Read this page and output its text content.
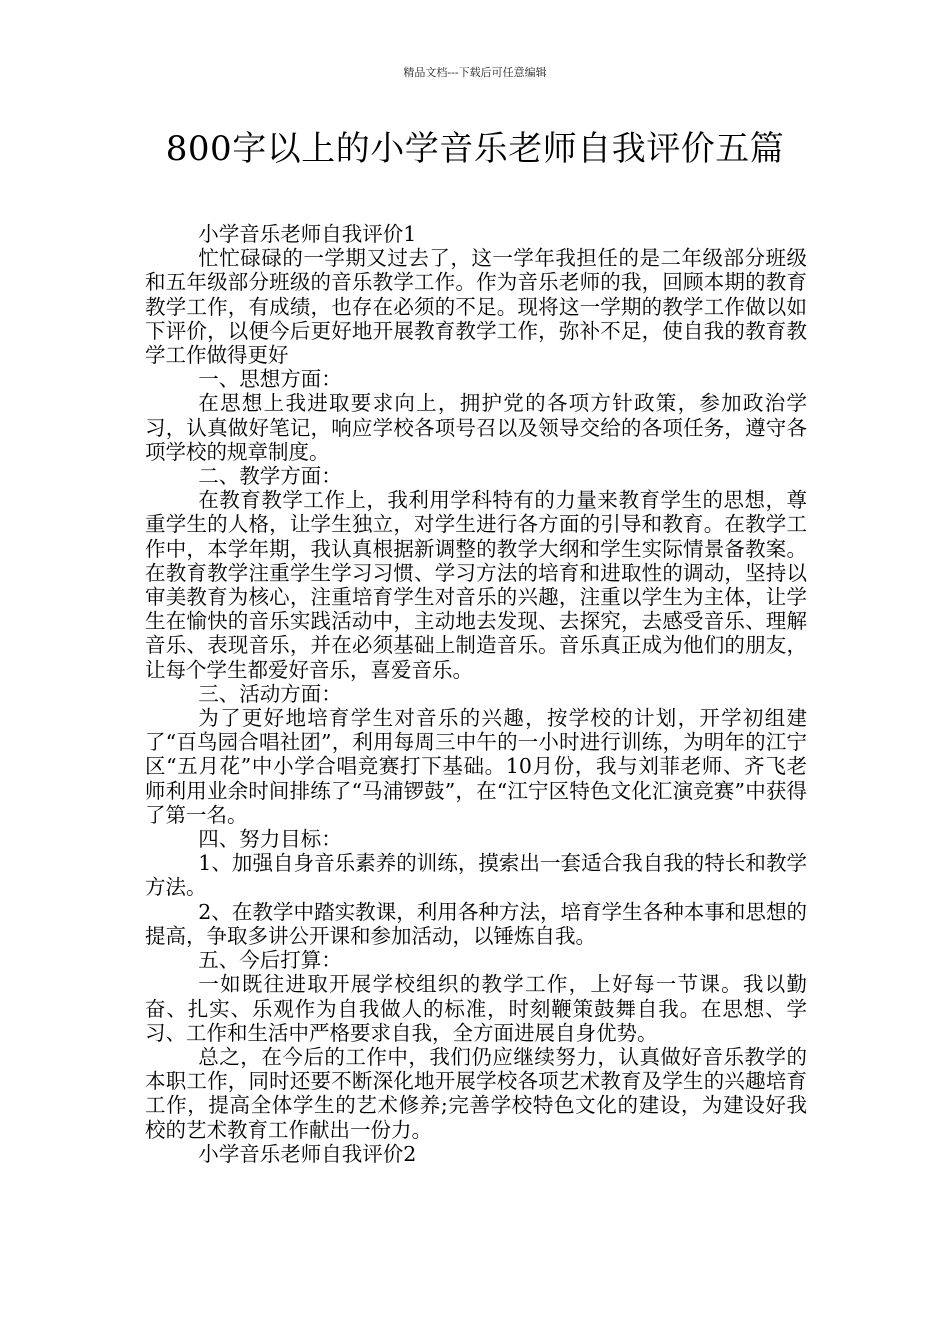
精品文档---下载后可任意编辑
800字以上的小学音乐老师自我评价五篇

小学音乐老师自我评价1

忙忙碌碌的一学期又过去了，这一学年我担任的是二年级部分班级和五年级部分班级的音乐教学工作。作为音乐老师的我，回顾本期的教育教学工作，有成绩，也存在必须的不足。现将这一学期的教学工作做以如下评价，以便今后更好地开展教育教学工作，弥补不足，使自我的教育教学工作做得更好

一、思想方面：

在思想上我进取要求向上，拥护党的各项方针政策，参加政治学习，认真做好笔记，响应学校各项号召以及领导交给的各项任务，遵守各项学校的规章制度。

二、教学方面：

在教育教学工作上，我利用学科特有的力量来教育学生的思想，尊重学生的人格，让学生独立，对学生进行各方面的引导和教育。在教学工作中，本学年期，我认真根据新调整的教学大纲和学生实际情景备教案。在教育教学注重学生学习习惯、学习方法的培育和进取性的调动，坚持以审美教育为核心，注重培育学生对音乐的兴趣，注重以学生为主体，让学生在愉快的音乐实践活动中，主动地去发现、去探究，去感受音乐、理解音乐、表现音乐，并在必须基础上制造音乐。音乐真正成为他们的朋友，让每个学生都爱好音乐，喜爱音乐。

三、活动方面：

为了更好地培育学生对音乐的兴趣，按学校的计划，开学初组建了“百鸟园合唱社团”，利用每周三中午的一小时进行训练，为明年的江宁区“五月花”中小学合唱竞赛打下基础。10月份，我与刘菲老师、齐飞老师利用业余时间排练了“马浦锣鼓”，在“江宁区特色文化汇演竞赛”中获得了第一名。

四、努力目标：

1、加强自身音乐素养的训练，摸索出一套适合我自我的特长和教学方法。

2、在教学中踏实教课，利用各种方法，培育学生各种本事和思想的提高，争取多讲公开课和参加活动，以锤炼自我。

五、今后打算：

一如既往进取开展学校组织的教学工作，上好每一节课。我以勤奋、扎实、乐观作为自我做人的标准，时刻鞭策鼓舞自我。在思想、学习、工作和生活中严格要求自我，全方面进展自身优势。

总之，在今后的工作中，我们仍应继续努力，认真做好音乐教学的本职工作，同时还要不断深化地开展学校各项艺术教育及学生的兴趣培育工作，提高全体学生的艺术修养;完善学校特色文化的建设，为建设好我校的艺术教育工作献出一份力。

小学音乐老师自我评价2
